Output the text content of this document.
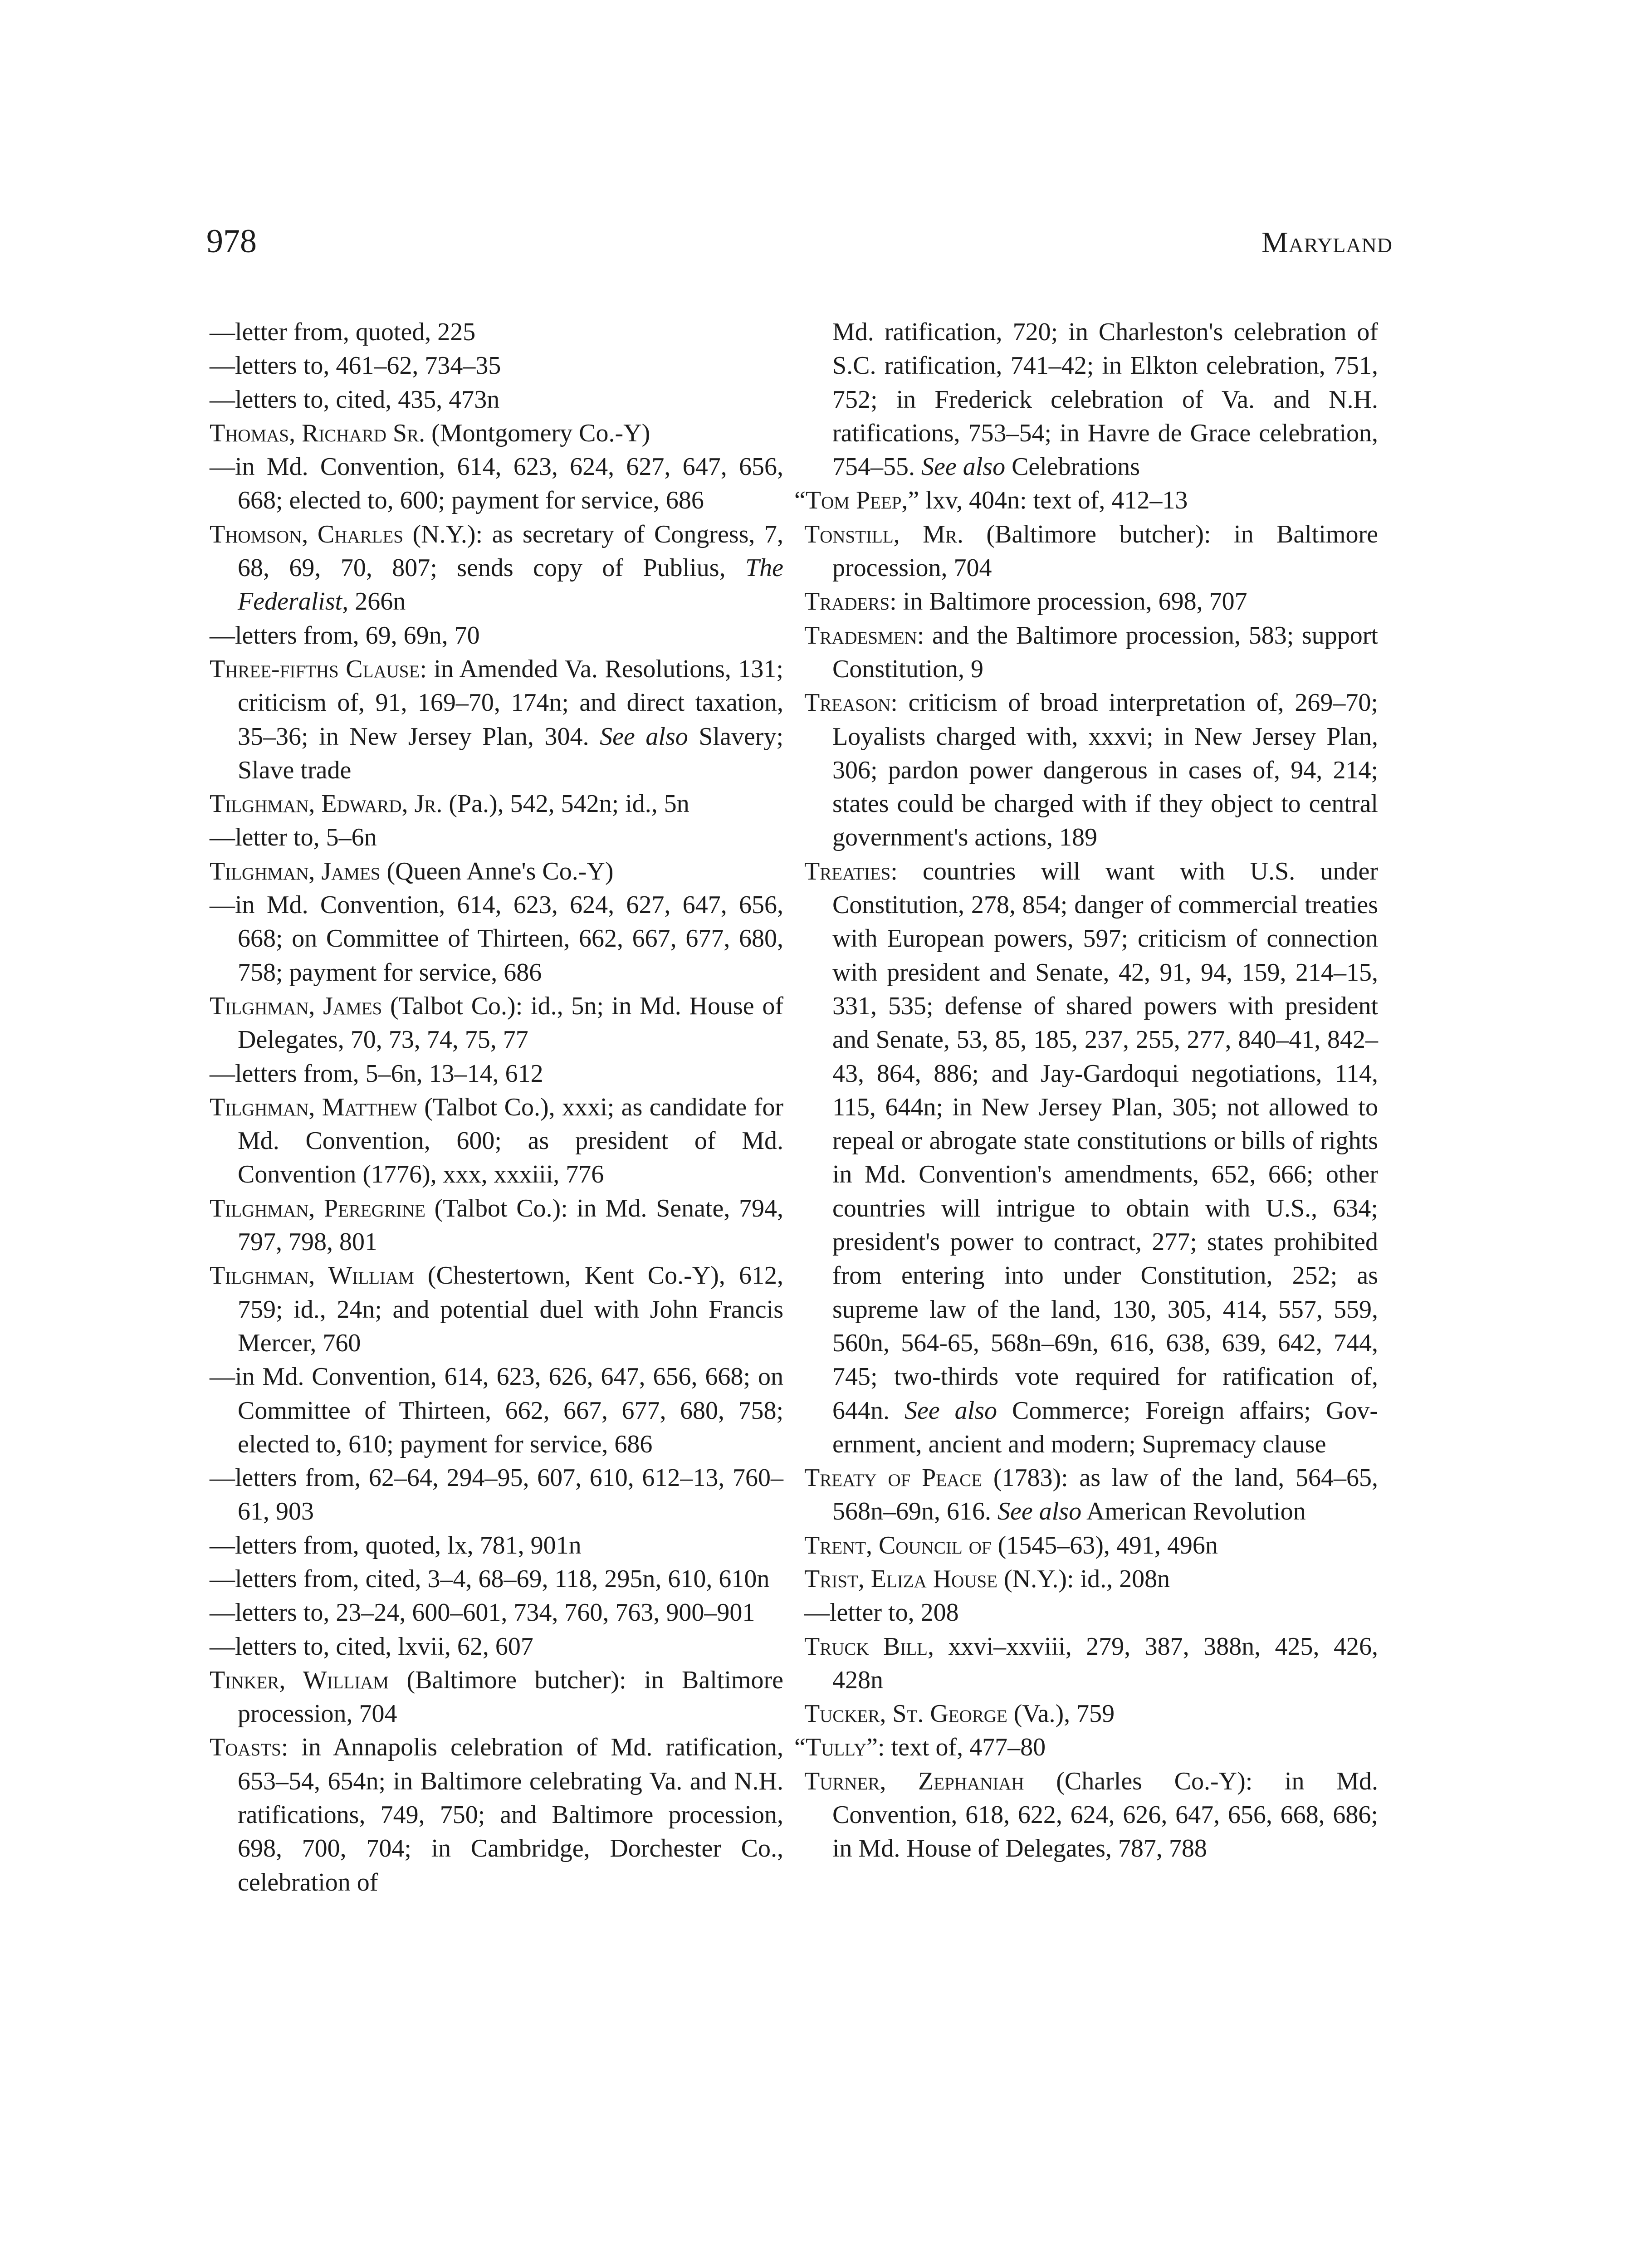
978	Maryland

—letter from, quoted, 225

—letters to, 461–62, 734–35

—letters to, cited, 435, 473n

Thomas, Richard Sr. (Montgomery Co.-Y)

—in Md. Convention, 614, 623, 624, 627, 647, 656, 668; elected to, 600; payment for service, 686

Thomson, Charles (N.Y.): as secretary of Congress, 7, 68, 69, 70, 807; sends copy of Publius, The Federalist, 266n

—letters from, 69, 69n, 70

Three-fifths Clause: in Amended Va. Resolutions, 131; criticism of, 91, 169–70, 174n; and direct taxation, 35–36; in New Jersey Plan, 304. See also Slavery; Slave trade

Tilghman, Edward, Jr. (Pa.), 542, 542n; id., 5n

—letter to, 5–6n

Tilghman, James (Queen Anne's Co.-Y)

—in Md. Convention, 614, 623, 624, 627, 647, 656, 668; on Committee of Thirteen, 662, 667, 677, 680, 758; payment for service, 686

Tilghman, James (Talbot Co.): id., 5n; in Md. House of Delegates, 70, 73, 74, 75, 77

—letters from, 5–6n, 13–14, 612

Tilghman, Matthew (Talbot Co.), xxxi; as candidate for Md. Convention, 600; as president of Md. Convention (1776), xxx, xxxiii, 776

Tilghman, Peregrine (Talbot Co.): in Md. Senate, 794, 797, 798, 801

Tilghman, William (Chestertown, Kent Co.-Y), 612, 759; id., 24n; and potential duel with John Francis Mercer, 760

—in Md. Convention, 614, 623, 626, 647, 656, 668; on Committee of Thirteen, 662, 667, 677, 680, 758; elected to, 610; payment for service, 686

—letters from, 62–64, 294–95, 607, 610, 612–13, 760–61, 903

—letters from, quoted, lx, 781, 901n

—letters from, cited, 3–4, 68–69, 118, 295n, 610, 610n

—letters to, 23–24, 600–601, 734, 760, 763, 900–901

—letters to, cited, lxvii, 62, 607

Tinker, William (Baltimore butcher): in Baltimore procession, 704

Toasts: in Annapolis celebration of Md. ratification, 653–54, 654n; in Baltimore celebrating Va. and N.H. ratifications, 749, 750; and Baltimore procession, 698, 700, 704; in Cambridge, Dorchester Co., celebration of

Md. ratification, 720; in Charleston's celebration of S.C. ratification, 741–42; in Elkton celebration, 751, 752; in Frederick celebration of Va. and N.H. ratifications, 753–54; in Havre de Grace celebration, 754–55. See also Celebrations

“Tom Peep,” lxv, 404n: text of, 412–13

Tonstill, Mr. (Baltimore butcher): in Baltimore procession, 704

Traders: in Baltimore procession, 698, 707

Tradesmen: and the Baltimore procession, 583; support Constitution, 9

Treason: criticism of broad interpretation of, 269–70; Loyalists charged with, xxxvi; in New Jersey Plan, 306; pardon power dangerous in cases of, 94, 214; states could be charged with if they object to central government's actions, 189

Treaties: countries will want with U.S. under Constitution, 278, 854; danger of commercial treaties with European powers, 597; criticism of connection with president and Senate, 42, 91, 94, 159, 214–15, 331, 535; defense of shared powers with president and Senate, 53, 85, 185, 237, 255, 277, 840–41, 842–43, 864, 886; and Jay-Gardoqui negotiations, 114, 115, 644n; in New Jersey Plan, 305; not allowed to repeal or abrogate state constitutions or bills of rights in Md. Convention's amendments, 652, 666; other countries will intrigue to obtain with U.S., 634; president's power to contract, 277; states prohibited from entering into under Constitution, 252; as supreme law of the land, 130, 305, 414, 557, 559, 560n, 564-65, 568n–69n, 616, 638, 639, 642, 744, 745; two-thirds vote required for ratification of, 644n. See also Commerce; Foreign affairs; Government, ancient and modern; Supremacy clause

Treaty of Peace (1783): as law of the land, 564–65, 568n–69n, 616. See also American Revolution

Trent, Council of (1545–63), 491, 496n

Trist, Eliza House (N.Y.): id., 208n

—letter to, 208

Truck Bill, xxvi–xxviii, 279, 387, 388n, 425, 426, 428n

Tucker, St. George (Va.), 759

“Tully”: text of, 477–80

Turner, Zephaniah (Charles Co.-Y): in Md. Convention, 618, 622, 624, 626, 647, 656, 668, 686; in Md. House of Delegates, 787, 788
